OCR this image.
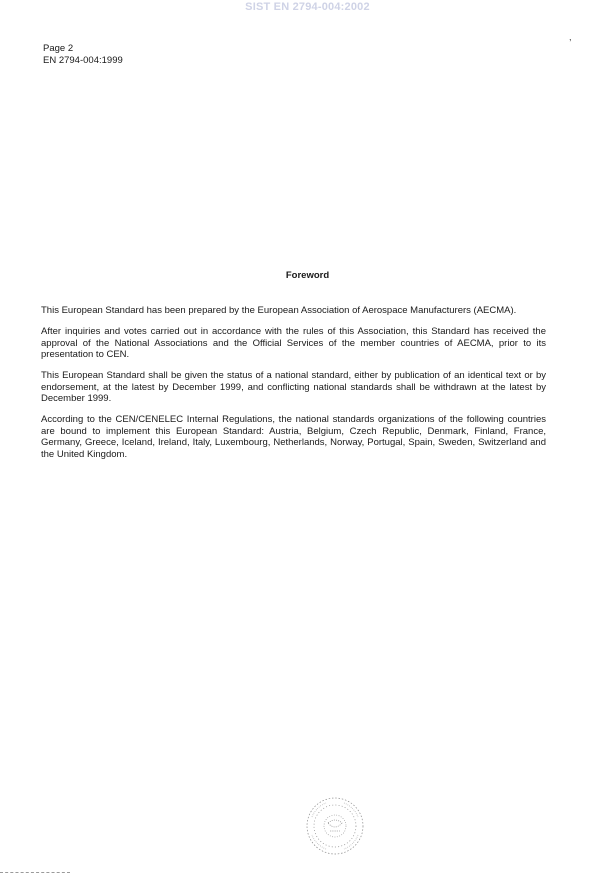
SIST EN 2794-004:2002
Page 2
EN 2794-004:1999
,
Foreword

This European Standard has been prepared by the European Association of Aerospace Manufacturers (AECMA).

After inquiries and votes carried out in accordance with the rules of this Association, this Standard has received the approval of the National Associations and the Official Services of the member countries of AECMA, prior to its presentation to CEN.

This European Standard shall be given the status of a national standard, either by publication of an identical text or by endorsement, at the latest by December 1999, and conflicting national standards shall be withdrawn at the latest by December 1999.

According to the CEN/CENELEC Internal Regulations, the national standards organizations of the following countries are bound to implement this European Standard: Austria, Belgium, Czech Republic, Denmark, Finland, France, Germany, Greece, Iceland, Ireland, Italy, Luxembourg, Netherlands, Norway, Portugal, Spain, Sweden, Switzerland and the United Kingdom.
